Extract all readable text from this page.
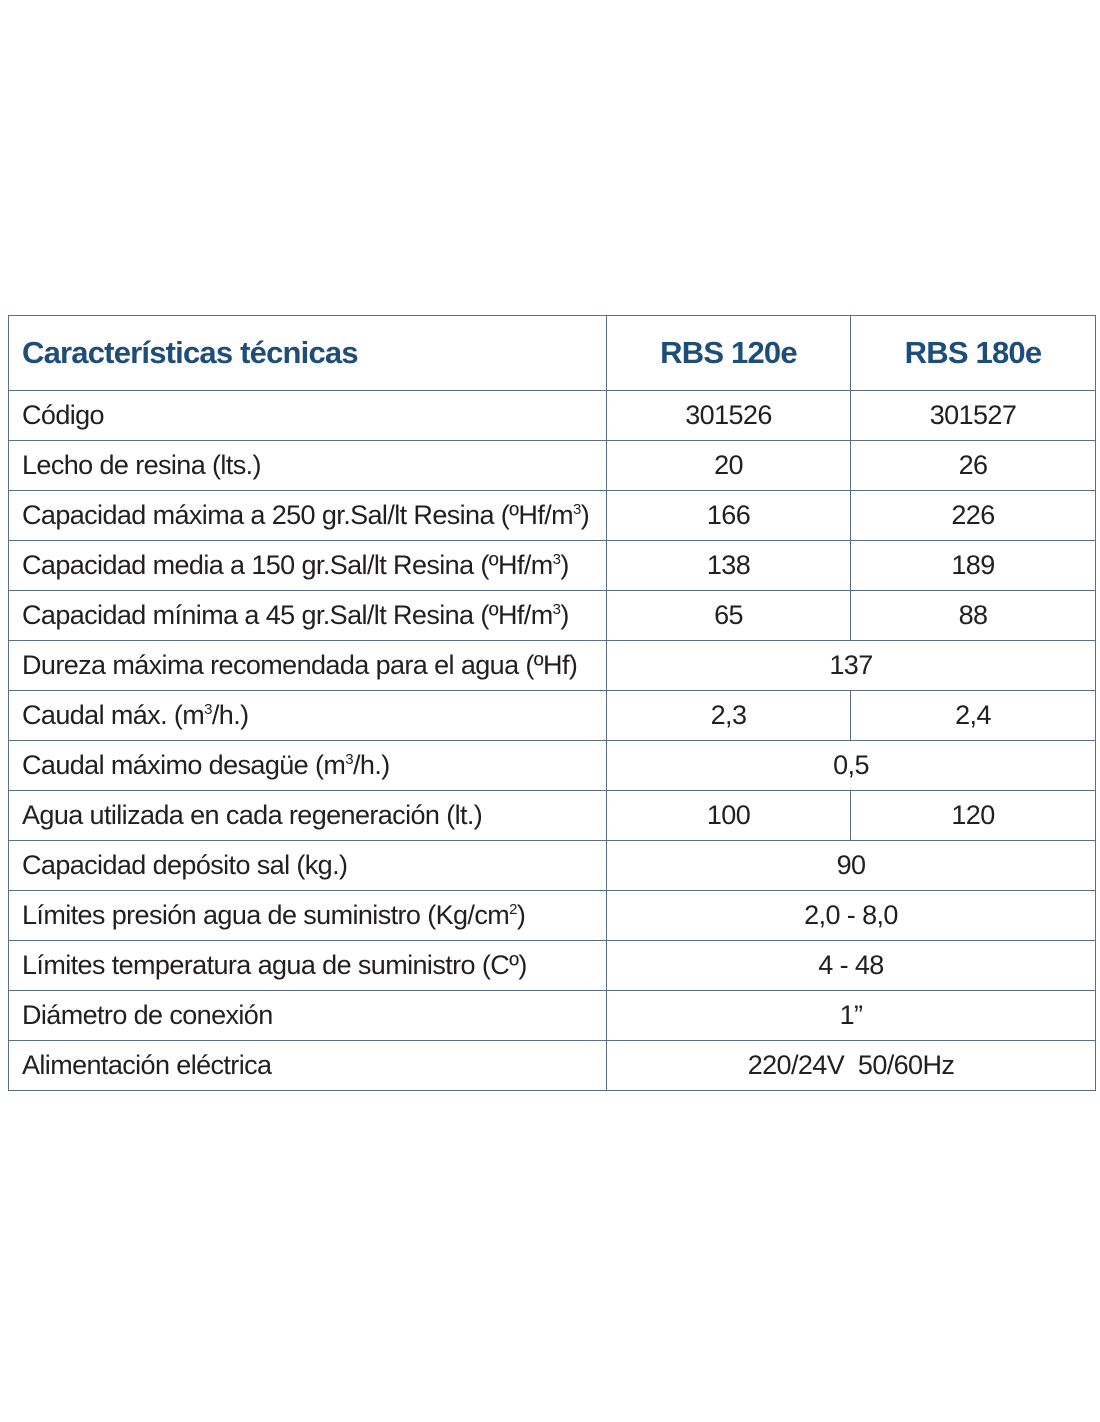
Características técnicas	RBS 120e	RBS 180e
Código	301526	301527
Lecho de resina (lts.)	20	26
Capacidad máxima a 250 gr.Sal/lt Resina $(ºHf/m^3)$	166	226
Capacidad media a 150 gr.Sal/lt Resina $(ºHf/m^3)$	138	189
Capacidad mínima a 45 gr.Sal/lt Resina $(ºHf/m^3)$	65	88
Dureza máxima recomendada para el agua (ºHf)	137	
Caudal máx. $(m^3/h.)$	2,3	2,4
Caudal máximo desagüe $(m^3/h.)$	0,5	
Agua utilizada en cada regeneración (lt.)	100	120
Capacidad depósito sal (kg.)	90	
Límites presión agua de suministro $(Kg/cm^2)$	2,0 - 8,0	
Límites temperatura agua de suministro (Cº)	4 - 48	
Diámetro de conexión	1”	
Alimentación eléctrica	220/24V  50/60Hz	
